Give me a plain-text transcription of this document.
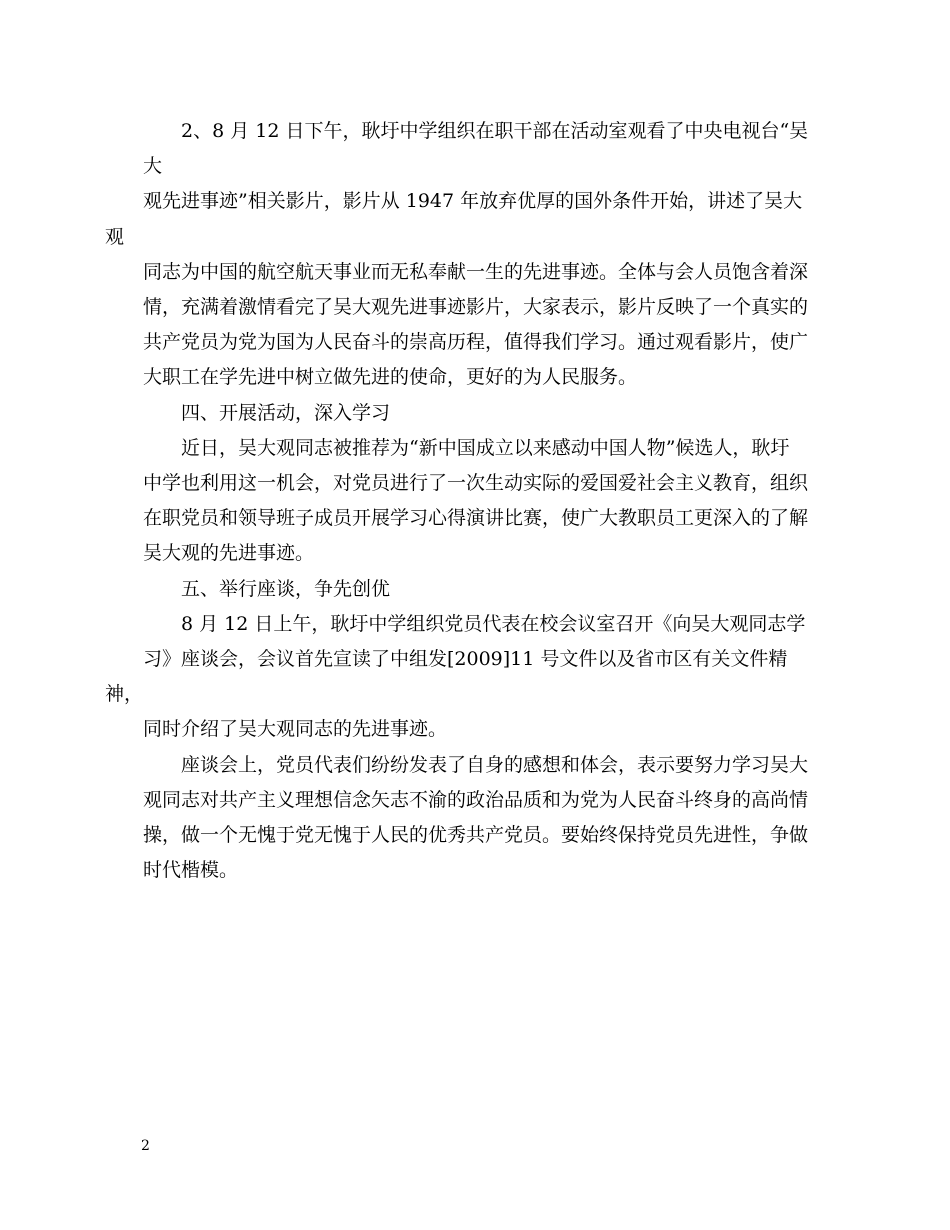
2、8 月 12 日下午，耿圩中学组织在职干部在活动室观看了中央电视台“吴大
观先进事迹”相关影片，影片从 1947 年放弃优厚的国外条件开始，讲述了吴大观
同志为中国的航空航天事业而无私奉献一生的先进事迹。全体与会人员饱含着深
情，充满着激情看完了吴大观先进事迹影片，大家表示，影片反映了一个真实的
共产党员为党为国为人民奋斗的崇高历程，值得我们学习。通过观看影片，使广
大职工在学先进中树立做先进的使命，更好的为人民服务。

四、开展活动，深入学习

近日，吴大观同志被推荐为“新中国成立以来感动中国人物”候选人，耿圩
中学也利用这一机会，对党员进行了一次生动实际的爱国爱社会主义教育，组织
在职党员和领导班子成员开展学习心得演讲比赛，使广大教职员工更深入的了解
吴大观的先进事迹。

五、举行座谈，争先创优

8 月 12 日上午，耿圩中学组织党员代表在校会议室召开《向吴大观同志学
习》座谈会，会议首先宣读了中组发[2009]11 号文件以及省市区有关文件精神，
同时介绍了吴大观同志的先进事迹。

座谈会上，党员代表们纷纷发表了自身的感想和体会，表示要努力学习吴大
观同志对共产主义理想信念矢志不渝的政治品质和为党为人民奋斗终身的高尚情
操，做一个无愧于党无愧于人民的优秀共产党员。要始终保持党员先进性，争做
时代楷模。

2
